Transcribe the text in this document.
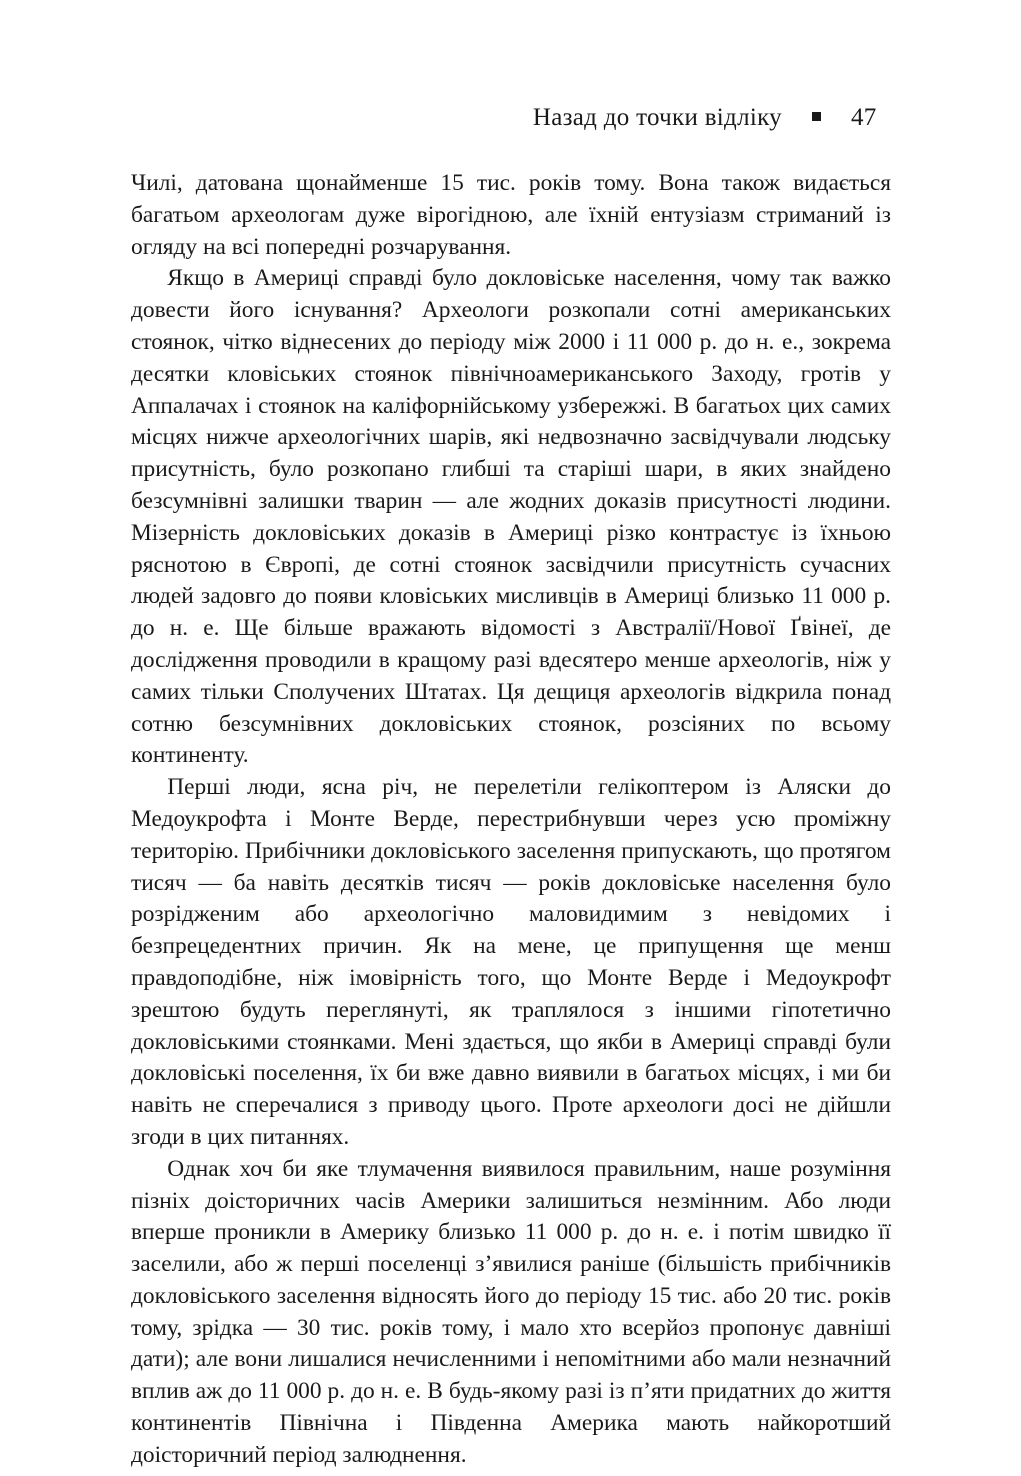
Назад до точки відліку	47

Чилі, датована щонайменше 15 тис. років тому. Вона також видається багатьом археологам дуже вірогідною, але їхній ентузіазм стриманий із огляду на всі попередні розчарування.

Якщо в Америці справді було докловіське населення, чому так важко довести його існування? Археологи розкопали сотні американських стоянок, чітко віднесених до періоду між 2000 і 11 000 р. до н. е., зокрема десятки кловіських стоянок північноамериканського Заходу, гротів у Аппалачах і стоянок на каліфорнійському узбережжі. В багатьох цих самих місцях нижче археологічних шарів, які недвозначно засвідчували людську присутність, було розкопано глибші та старіші шари, в яких знайдено безсумнівні залишки тварин — але жодних доказів присутності людини. Мізерність докловіських доказів в Америці різко контрастує із їхньою ряснотою в Європі, де сотні стоянок засвідчили присутність сучасних людей задовго до появи кловіських мисливців в Америці близько 11 000 р. до н. е. Ще більше вражають відомості з Австралії/Нової Ґвінеї, де дослідження проводили в кращому разі вдесятеро менше археологів, ніж у самих тільки Сполучених Штатах. Ця дещиця археологів відкрила понад сотню безсумнівних докловіських стоянок, розсіяних по всьому континенту.

Перші люди, ясна річ, не перелетіли гелікоптером із Аляски до Медоукрофта і Монте Верде, перестрибнувши через усю проміжну територію. Прибічники докловіського заселення припускають, що протягом тисяч — ба навіть десятків тисяч — років докловіське населення було розрідженим або археологічно маловидимим з невідомих і безпрецедентних причин. Як на мене, це припущення ще менш правдоподібне, ніж імовірність того, що Монте Верде і Медоукрофт зрештою будуть переглянуті, як траплялося з іншими гіпотетично докловіськими стоянками. Мені здається, що якби в Америці справді були докловіські поселення, їх би вже давно виявили в багатьох місцях, і ми би навіть не сперечалися з приводу цього. Проте археологи досі не дійшли згоди в цих питаннях.

Однак хоч би яке тлумачення виявилося правильним, наше розуміння пізніх доісторичних часів Америки залишиться незмінним. Або люди вперше проникли в Америку близько 11 000 р. до н. е. і потім швидко її заселили, або ж перші поселенці з’явилися раніше (більшість прибічників докловіського заселення відносять його до періоду 15 тис. або 20 тис. років тому, зрідка — 30 тис. років тому, і мало хто всерйоз пропонує давніші дати); але вони лишалися нечисленними і непомітними або мали незначний вплив аж до 11 000 р. до н. е. В будь-якому разі із п’яти придатних до життя континентів Північна і Південна Америка мають найкоротший доісторичний період залюднення.
